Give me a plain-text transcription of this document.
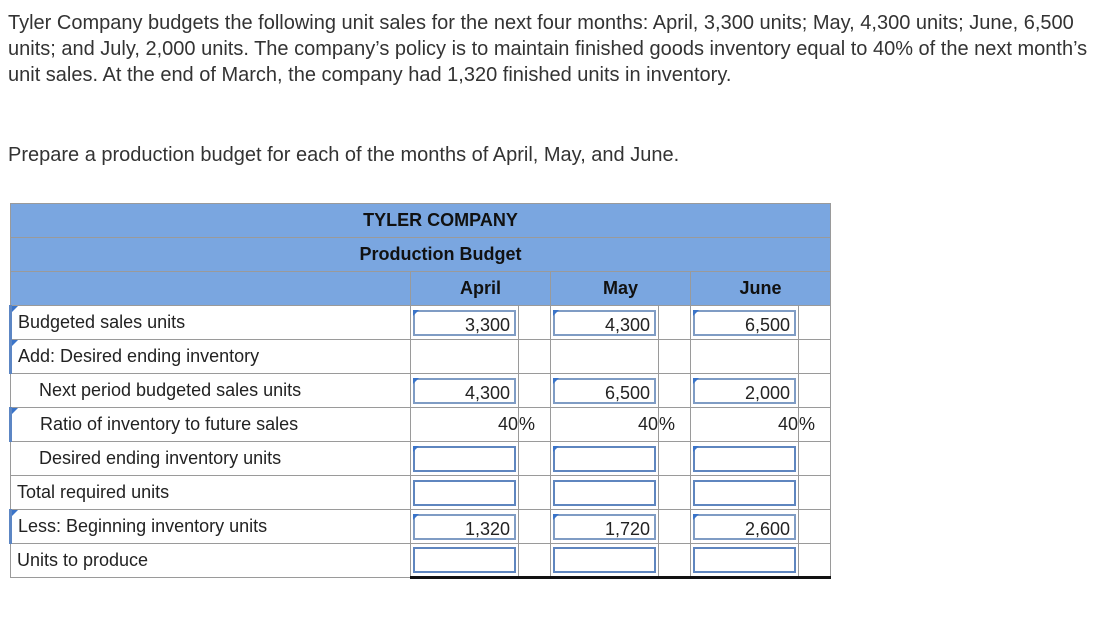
Tyler Company budgets the following unit sales for the next four months: April, 3,300 units; May, 4,300 units; June, 6,500 units; and July, 2,000 units. The company’s policy is to maintain finished goods inventory equal to 40% of the next month’s unit sales. At the end of March, the company had 1,320 finished units in inventory.

Prepare a production budget for each of the months of April, May, and June.
TYLER COMPANY						
Production Budget						
	April		May		June	
Budgeted sales units	3,300		4,300		6,500	

Add: Desired ending inventory						
Next period budgeted sales units	4,300		6,500		2,000	

Ratio of inventory to future sales	40	%	40	%	40	%
Desired ending inventory units	

Total required units	

Less: Beginning inventory units	1,320		1,720		2,600	

Units to produce	
